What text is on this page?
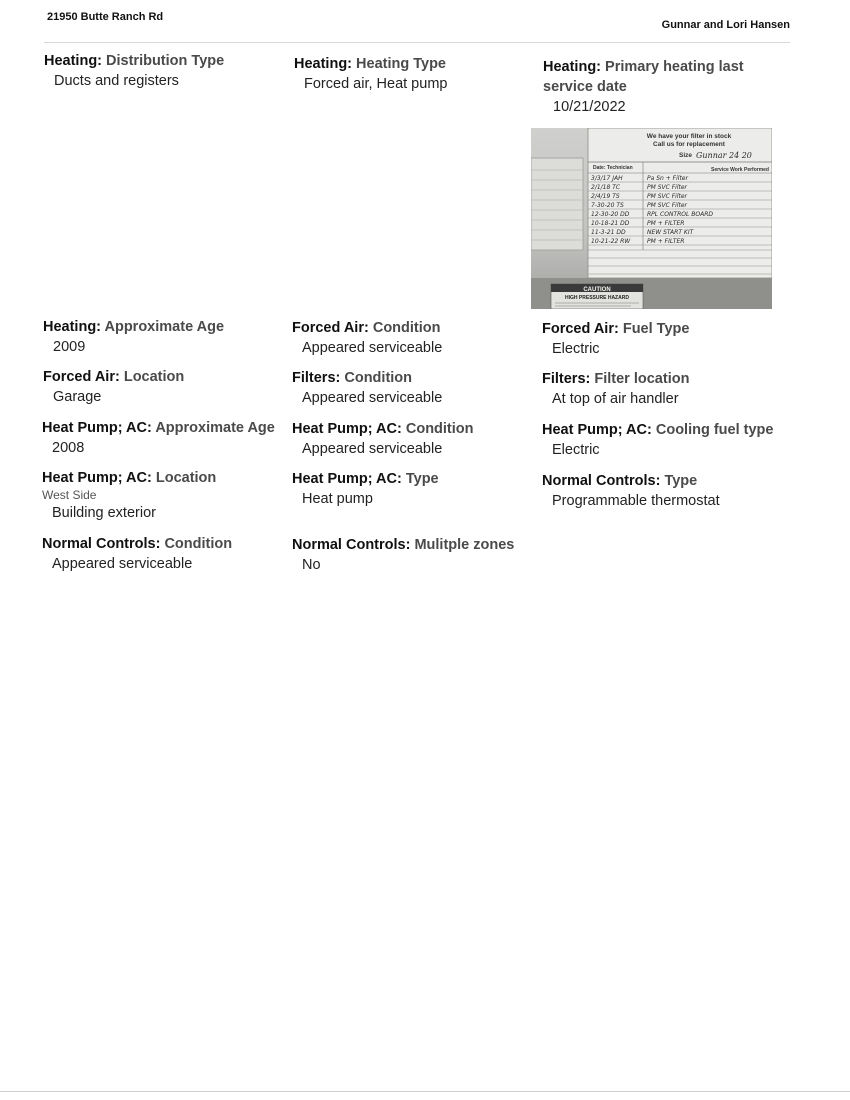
21950 Butte Ranch Rd
Gunnar and Lori Hansen
Heating: Distribution Type
Ducts and registers
Heating: Heating Type
Forced air, Heat pump
Heating: Primary heating last service date
10/21/2022
We have your filter in stock
Call us for replacement
Size Gunnar 24 20
Date: Technician	Service Work Performed
3/3/17 JAH	Pa Sn + Filter
2/1/18 TC	PM SVC Filter
2/4/19 TS	PM SVC Filter
7-30-20 TS	PM SVC Filter
12-30-20 DD	RPL CONTROL BOARD
10-18-21 DD	PM + FILTER
11-3-21 DD	NEW START KIT
10-21-22 RW	PM + FILTER
CAUTION
HIGH PRESSURE HAZARD
Heating: Approximate Age
2009
Forced Air: Condition
Appeared serviceable
Forced Air: Fuel Type
Electric
Forced Air: Location
Garage
Filters: Condition
Appeared serviceable
Filters: Filter location
At top of air handler
Heat Pump; AC: Approximate Age
2008
Heat Pump; AC: Condition
Appeared serviceable
Heat Pump; AC: Cooling fuel type
Electric
Heat Pump; AC: Location
West Side
Building exterior
Heat Pump; AC: Type
Heat pump
Normal Controls: Type
Programmable thermostat
Normal Controls: Condition
Appeared serviceable
Normal Controls: Mulitple zones
No
